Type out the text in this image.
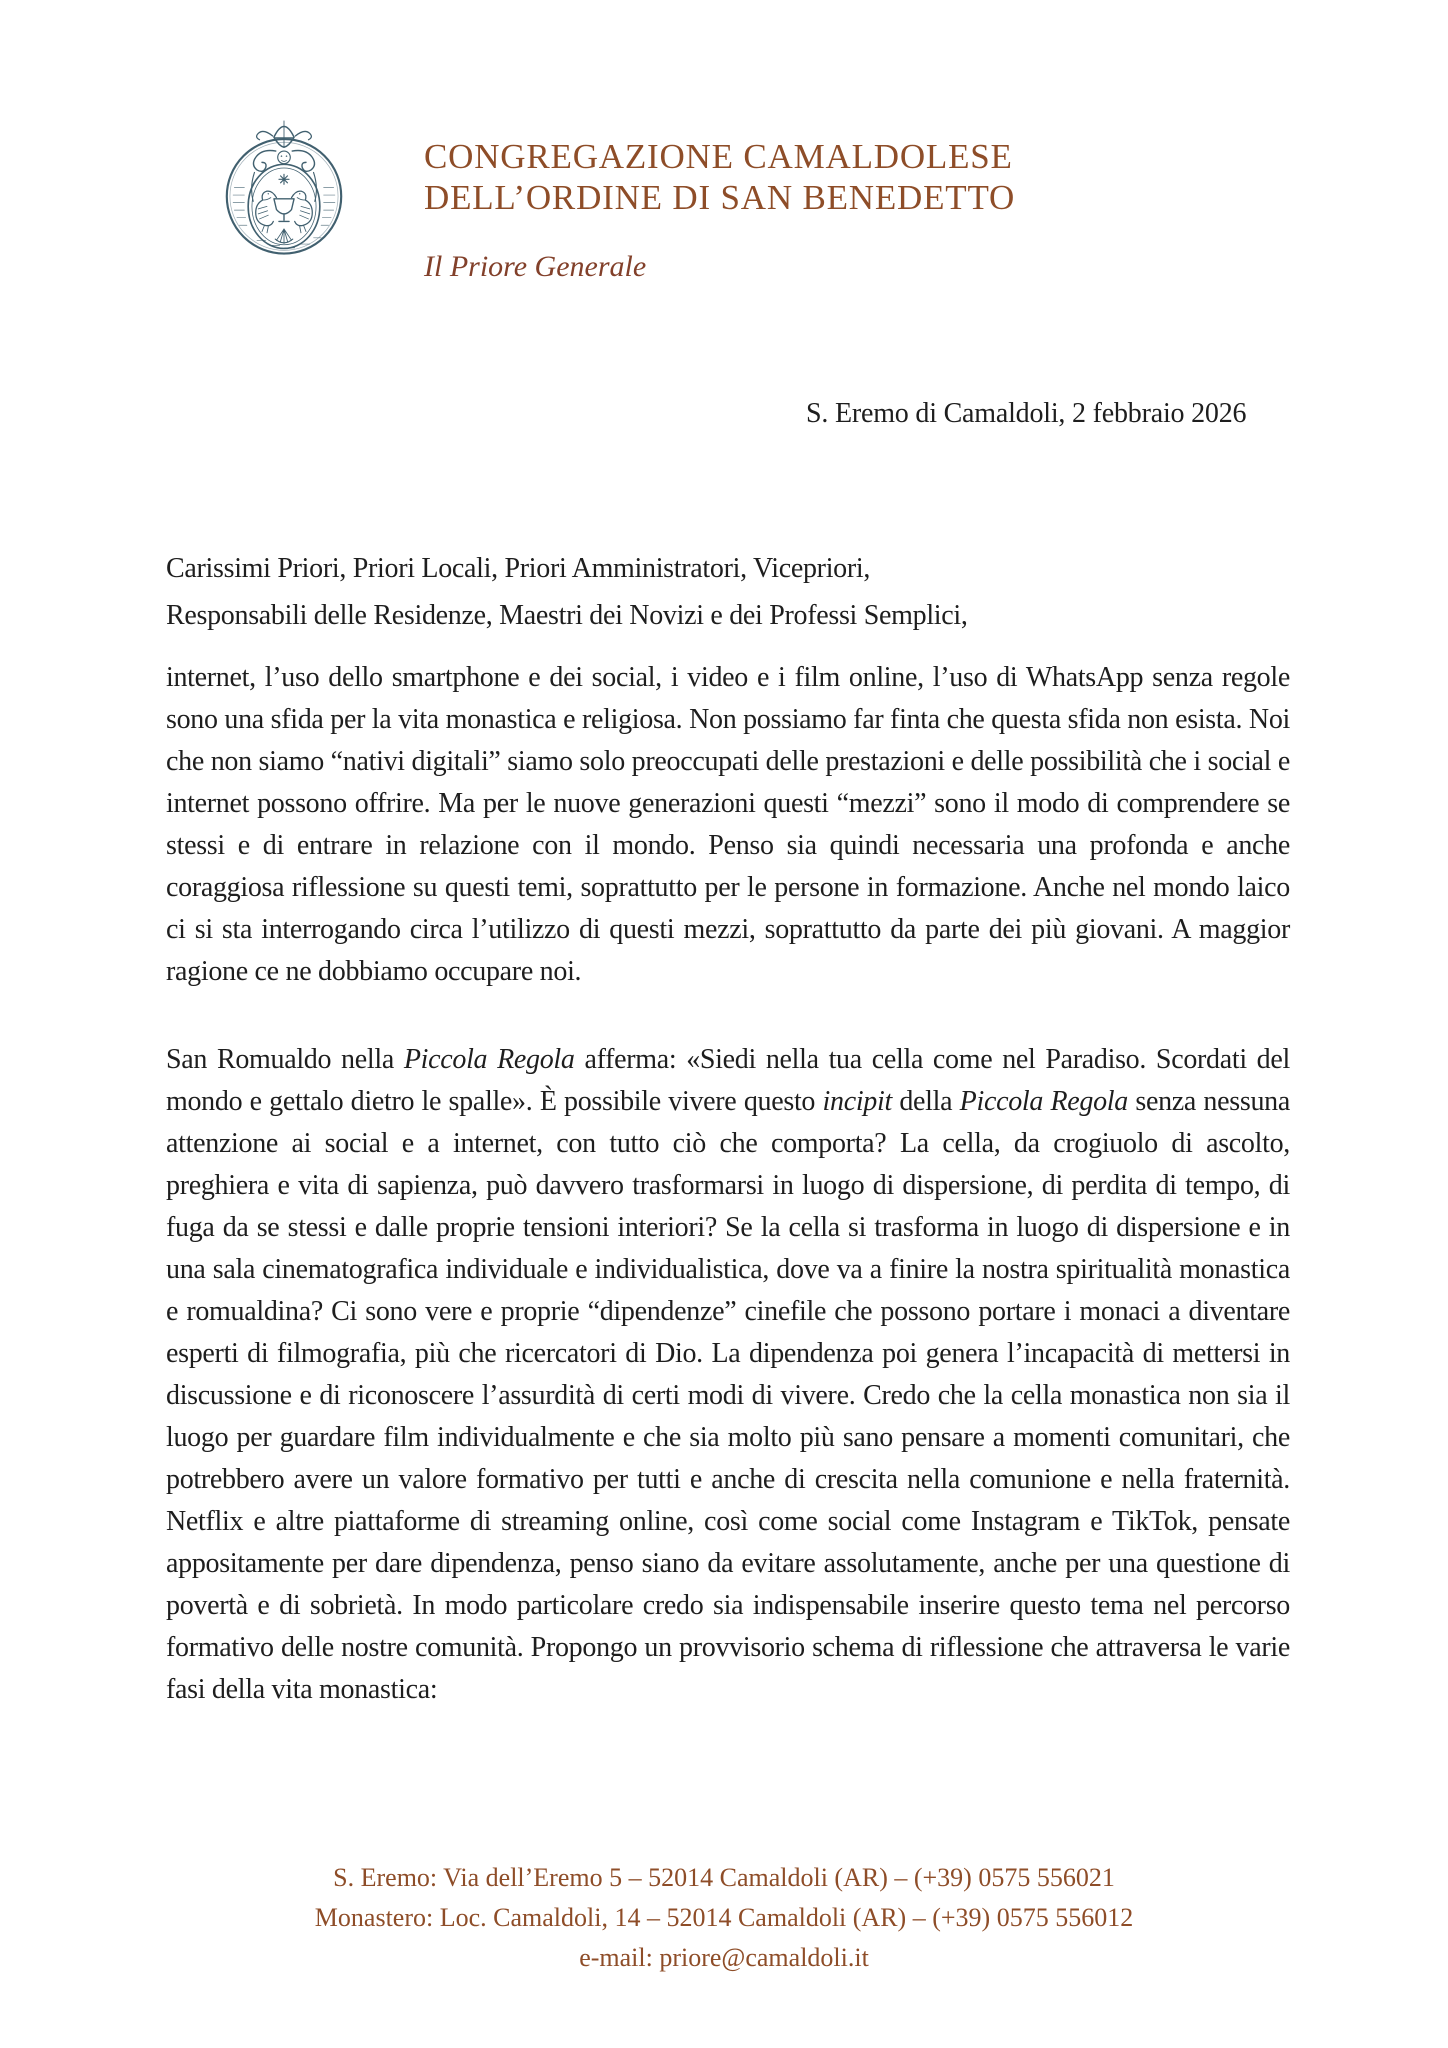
CONGREGAZIONE CAMALDOLESE
DELL’ORDINE DI SAN BENEDETTO
Il Priore Generale
S. Eremo di Camaldoli, 2 febbraio 2026
Carissimi Priori, Priori Locali, Priori Amministratori, Vicepriori,
Responsabili delle Residenze, Maestri dei Novizi e dei Professi Semplici,

internet, l’uso dello smartphone e dei social, i video e i film online, l’uso di WhatsApp senza regole sono una sfida per la vita monastica e religiosa. Non possiamo far finta che questa sfida non esista. Noi che non siamo “nativi digitali” siamo solo preoccupati delle prestazioni e delle possibilità che i social e internet possono offrire. Ma per le nuove generazioni questi “mezzi” sono il modo di comprendere se stessi e di entrare in relazione con il mondo. Penso sia quindi necessaria una profonda e anche coraggiosa riflessione su questi temi, soprattutto per le persone in formazione. Anche nel mondo laico ci si sta interrogando circa l’utilizzo di questi mezzi, soprattutto da parte dei più giovani. A maggior ragione ce ne dobbiamo occupare noi.

San Romualdo nella Piccola Regola afferma: «Siedi nella tua cella come nel Paradiso. Scordati del mondo e gettalo dietro le spalle». È possibile vivere questo incipit della Piccola Regola senza nessuna attenzione ai social e a internet, con tutto ciò che comporta? La cella, da crogiuolo di ascolto, preghiera e vita di sapienza, può davvero trasformarsi in luogo di dispersione, di perdita di tempo, di fuga da se stessi e dalle proprie tensioni interiori? Se la cella si trasforma in luogo di dispersione e in una sala cinematografica individuale e individualistica, dove va a finire la nostra spiritualità monastica e romualdina? Ci sono vere e proprie “dipendenze” cinefile che possono portare i monaci a diventare esperti di filmografia, più che ricercatori di Dio. La dipendenza poi genera l’incapacità di mettersi in discussione e di riconoscere l’assurdità di certi modi di vivere. Credo che la cella monastica non sia il luogo per guardare film individualmente e che sia molto più sano pensare a momenti comunitari, che potrebbero avere un valore formativo per tutti e anche di crescita nella comunione e nella fraternità. Netflix e altre piattaforme di streaming online, così come social come Instagram e TikTok, pensate appositamente per dare dipendenza, penso siano da evitare assolutamente, anche per una questione di povertà e di sobrietà. In modo particolare credo sia indispensabile inserire questo tema nel percorso formativo delle nostre comunità. Propongo un provvisorio schema di riflessione che attraversa le varie fasi della vita monastica:

S. Eremo: Via dell’Eremo 5 – 52014 Camaldoli (AR) – (+39) 0575 556021
Monastero: Loc. Camaldoli, 14 – 52014 Camaldoli (AR) – (+39) 0575 556012
e-mail: priore@camaldoli.it
